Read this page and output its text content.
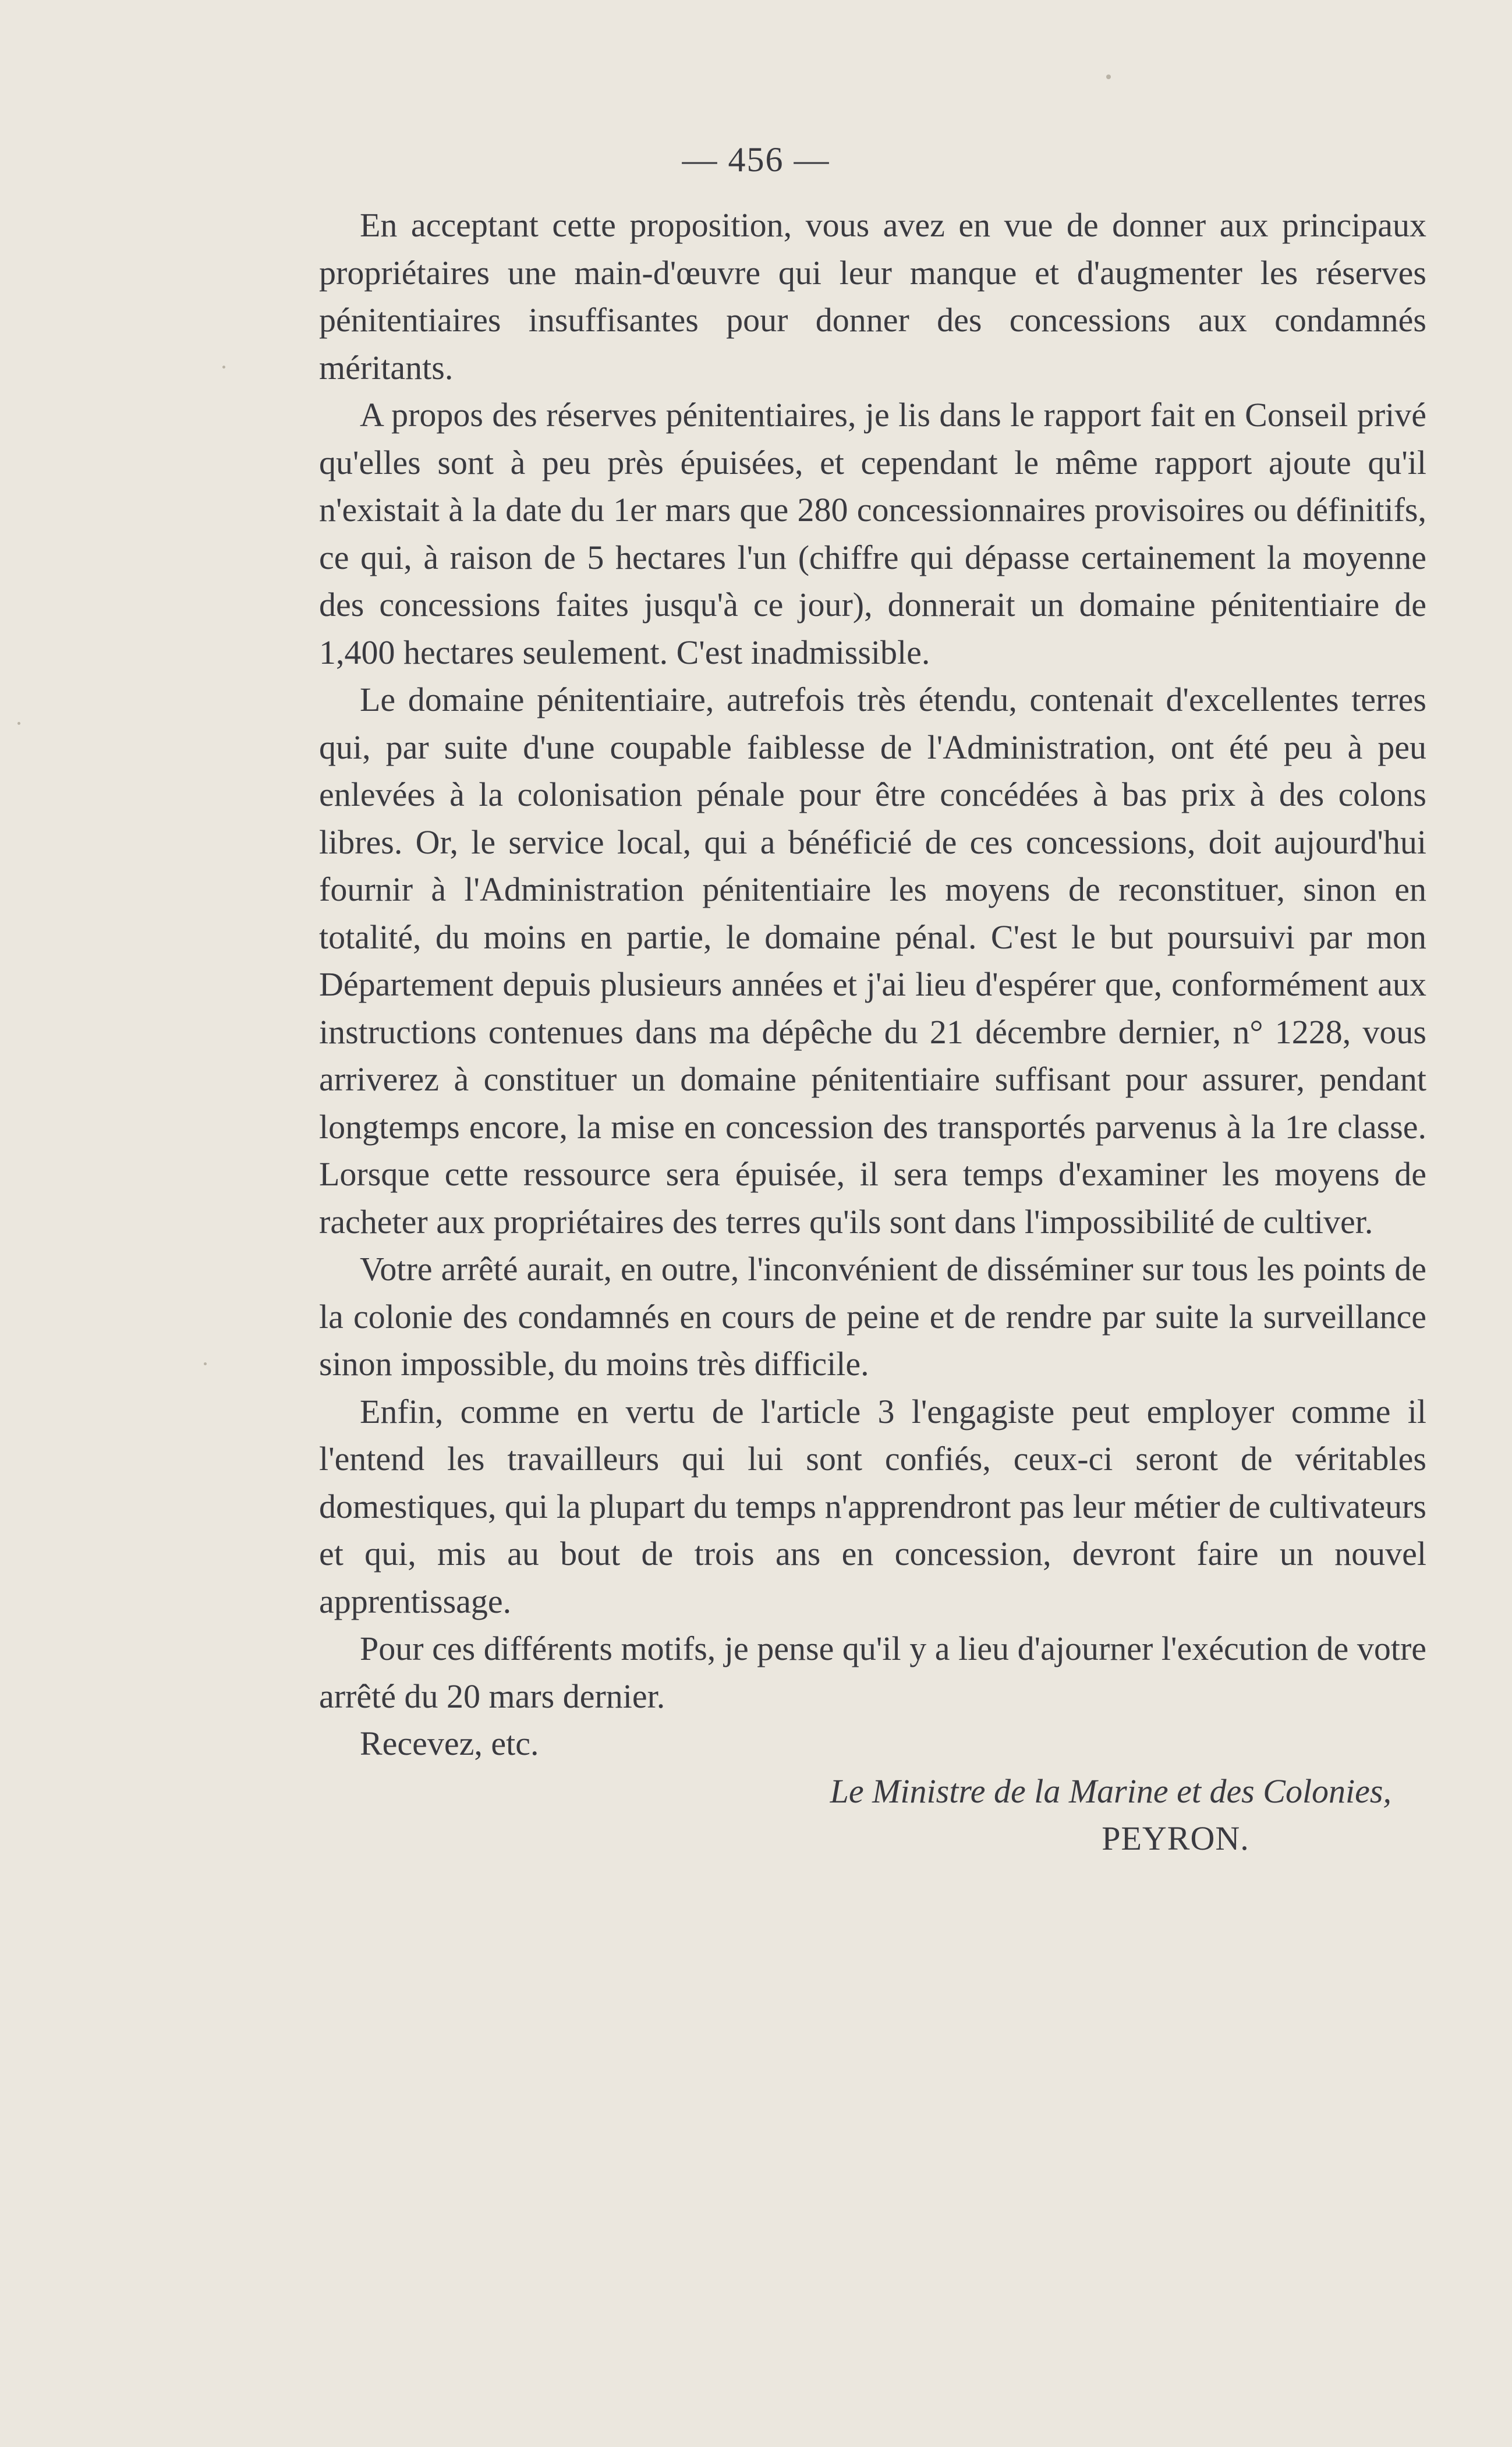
— 456 —

En acceptant cette proposition, vous avez en vue de donner aux principaux propriétaires une main-d'œuvre qui leur manque et d'augmenter les réserves pénitentiaires insuffisantes pour donner des concessions aux condamnés méritants.

A propos des réserves pénitentiaires, je lis dans le rapport fait en Conseil privé qu'elles sont à peu près épuisées, et cependant le même rapport ajoute qu'il n'existait à la date du 1er mars que 280 concessionnaires provisoires ou définitifs, ce qui, à raison de 5 hectares l'un (chiffre qui dépasse certainement la moyenne des concessions faites jusqu'à ce jour), donnerait un domaine pénitentiaire de 1,400 hectares seulement. C'est inadmissible.

Le domaine pénitentiaire, autrefois très étendu, contenait d'excellentes terres qui, par suite d'une coupable faiblesse de l'Administration, ont été peu à peu enlevées à la colonisation pénale pour être concédées à bas prix à des colons libres. Or, le service local, qui a bénéficié de ces concessions, doit aujourd'hui fournir à l'Administration pénitentiaire les moyens de reconstituer, sinon en totalité, du moins en partie, le domaine pénal. C'est le but poursuivi par mon Département depuis plusieurs années et j'ai lieu d'espérer que, conformément aux instructions contenues dans ma dépêche du 21 décembre dernier, n° 1228, vous arriverez à constituer un domaine pénitentiaire suffisant pour assurer, pendant longtemps encore, la mise en concession des transportés parvenus à la 1re classe. Lorsque cette ressource sera épuisée, il sera temps d'examiner les moyens de racheter aux propriétaires des terres qu'ils sont dans l'impossibilité de cultiver.

Votre arrêté aurait, en outre, l'inconvénient de disséminer sur tous les points de la colonie des condamnés en cours de peine et de rendre par suite la surveillance sinon impossible, du moins très difficile.

Enfin, comme en vertu de l'article 3 l'engagiste peut employer comme il l'entend les travailleurs qui lui sont confiés, ceux-ci seront de véritables domestiques, qui la plupart du temps n'apprendront pas leur métier de cultivateurs et qui, mis au bout de trois ans en concession, devront faire un nouvel apprentissage.

Pour ces différents motifs, je pense qu'il y a lieu d'ajourner l'exécution de votre arrêté du 20 mars dernier.

Recevez, etc.

Le Ministre de la Marine et des Colonies,

PEYRON.
